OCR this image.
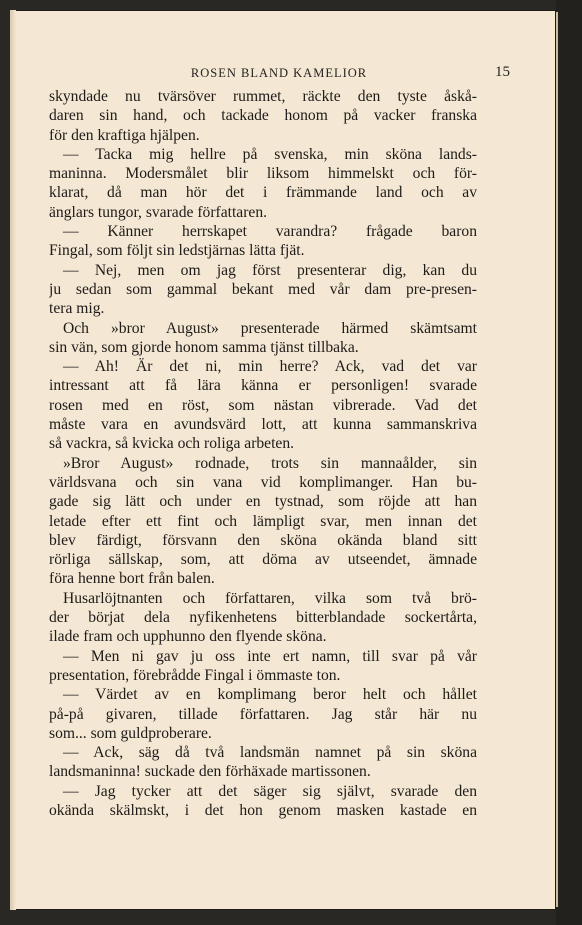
ROSEN BLAND KAMELIOR	15
skyndade nu tvärsöver rummet, räckte den tyste åskå-
daren sin hand, och tackade honom på vacker franska
för den kraftiga hjälpen.
— Tacka mig hellre på svenska, min sköna lands-
maninna. Modersmålet blir liksom himmelskt och för-
klarat, då man hör det i främmande land och av
änglars tungor, svarade författaren.
— Känner herrskapet varandra? frågade baron
Fingal, som följt sin ledstjärnas lätta fjät.
— Nej, men om jag först presenterar dig, kan du
ju sedan som gammal bekant med vår dam pre-presen-
tera mig.
Och »bror August» presenterade härmed skämtsamt
sin vän, som gjorde honom samma tjänst tillbaka.
— Ah! Är det ni, min herre? Ack, vad det var
intressant att få lära känna er personligen! svarade
rosen med en röst, som nästan vibrerade. Vad det
måste vara en avundsvärd lott, att kunna sammanskriva
så vackra, så kvicka och roliga arbeten.
»Bror August» rodnade, trots sin mannaålder, sin
världsvana och sin vana vid komplimanger. Han bu-
gade sig lätt och under en tystnad, som röjde att han
letade efter ett fint och lämpligt svar, men innan det
blev färdigt, försvann den sköna okända bland sitt
rörliga sällskap, som, att döma av utseendet, ämnade
föra henne bort från balen.
Husarlöjtnanten och författaren, vilka som två brö-
der börjat dela nyfikenhetens bitterblandade sockertårta,
ilade fram och upphunno den flyende sköna.
— Men ni gav ju oss inte ert namn, till svar på vår
presentation, förebrådde Fingal i ömmaste ton.
— Värdet av en komplimang beror helt och hållet
på-på givaren, tillade författaren. Jag står här nu
som... som guldproberare.
— Ack, säg då två landsmän namnet på sin sköna
landsmaninna! suckade den förhäxade martissonen.
— Jag tycker att det säger sig självt, svarade den
okända skälmskt, i det hon genom masken kastade en
